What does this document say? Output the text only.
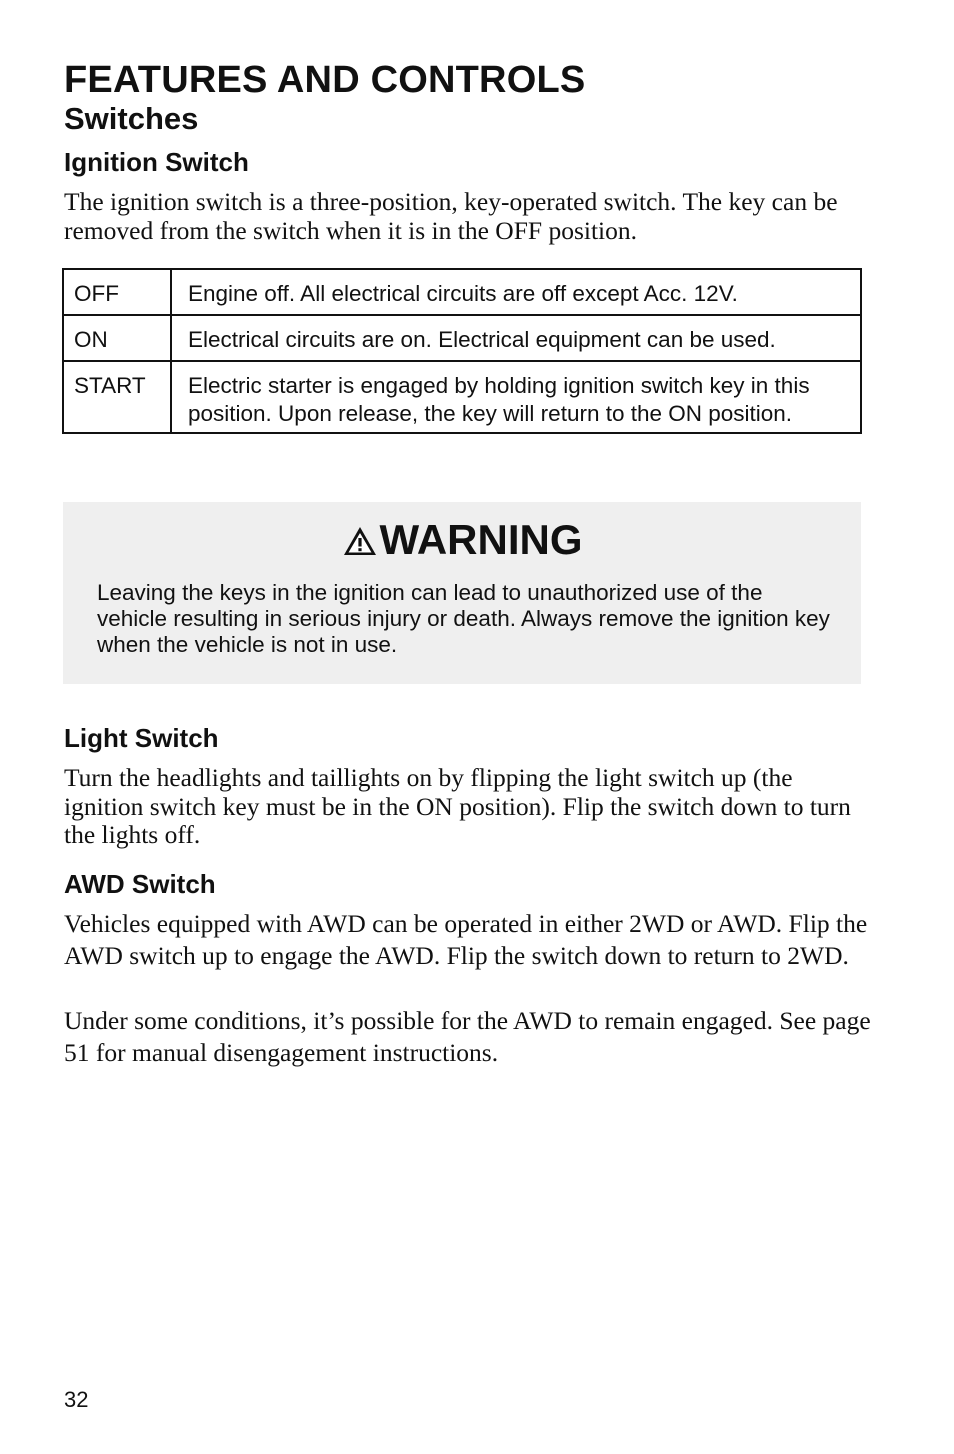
FEATURES AND CONTROLS
Switches
Ignition Switch

The ignition switch is a three-position, key-operated switch. The key can be removed from the switch when it is in the OFF position.

OFF	Engine off. All electrical circuits are off except Acc. 12V.
ON	Electrical circuits are on. Electrical equipment can be used.
START	Electric starter is engaged by holding ignition switch key in this position. Upon release, the key will return to the ON position.
WARNING

Leaving the keys in the ignition can lead to unauthorized use of the vehicle resulting in serious injury or death. Always remove the ignition key when the vehicle is not in use.

Light Switch

Turn the headlights and taillights on by flipping the light switch up (the ignition switch key must be in the ON position). Flip the switch down to turn the lights off.

AWD Switch

Vehicles equipped with AWD can be operated in either 2WD or AWD. Flip the AWD switch up to engage the AWD. Flip the switch down to return to 2WD.

Under some conditions, it’s possible for the AWD to remain engaged. See page 51 for manual disengagement instructions.

32
